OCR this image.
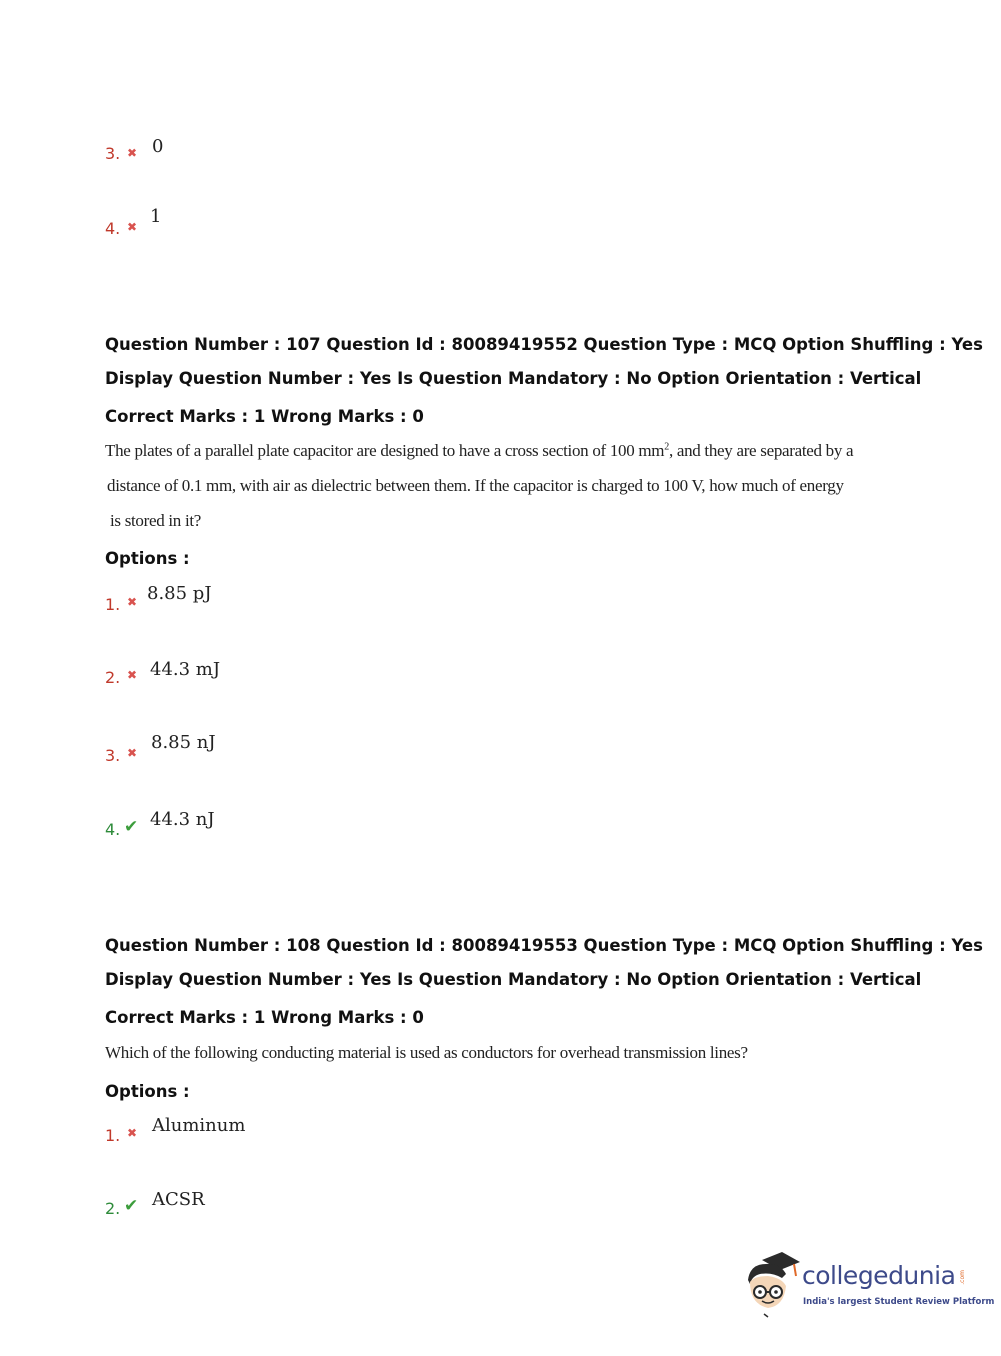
3. ✖ 0
4. ✖ 1
Question Number : 107 Question Id : 80089419552 Question Type : MCQ Option Shuffling : Yes
Display Question Number : Yes Is Question Mandatory : No Option Orientation : Vertical
Correct Marks : 1 Wrong Marks : 0
The plates of a parallel plate capacitor are designed to have a cross section of 100 $mm^2$, and they are separated by a
distance of 0.1 mm, with air as dielectric between them. If the capacitor is charged to 100 V, how much of energy
is stored in it?
Options :
1. ✖ 8.85 pJ
2. ✖ 44.3 mJ
3. ✖ 8.85 nJ
4. ✔ 44.3 nJ
Question Number : 108 Question Id : 80089419553 Question Type : MCQ Option Shuffling : Yes
Display Question Number : Yes Is Question Mandatory : No Option Orientation : Vertical
Correct Marks : 1 Wrong Marks : 0
Which of the following conducting material is used as conductors for overhead transmission lines?
Options :
1. ✖ Aluminum
2. ✔ ACSR
collegedunia .com
India's largest Student Review Platform
